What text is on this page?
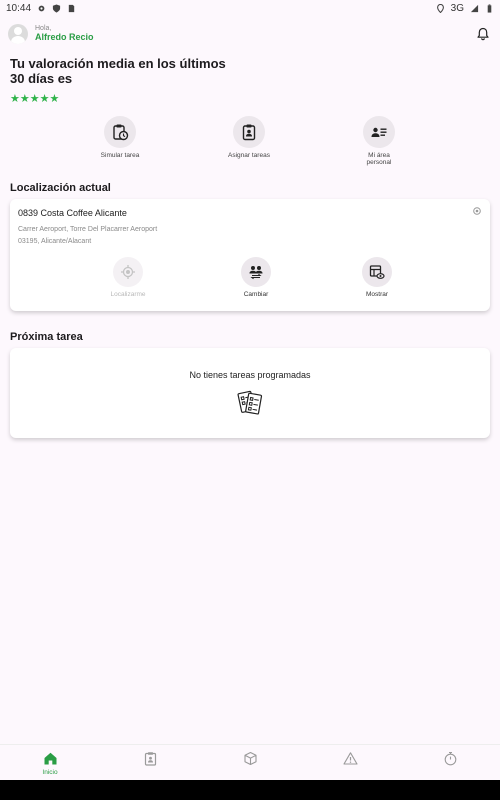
10:44	3G
Hola,
Alfredo Recio
Tu valoración media en los últimos 30 días es
★★★★★
Simular tarea	Asignar tareas	Mi área personal
Localización actual
0839 Costa Coffee Alicante
Carrer Aeroport, Torre Del Placarrer Aeroport
03195, Alicante/Alacant
Localizarme	Cambiar	Mostrar
Próxima tarea
No tienes tareas programadas
Inicio
